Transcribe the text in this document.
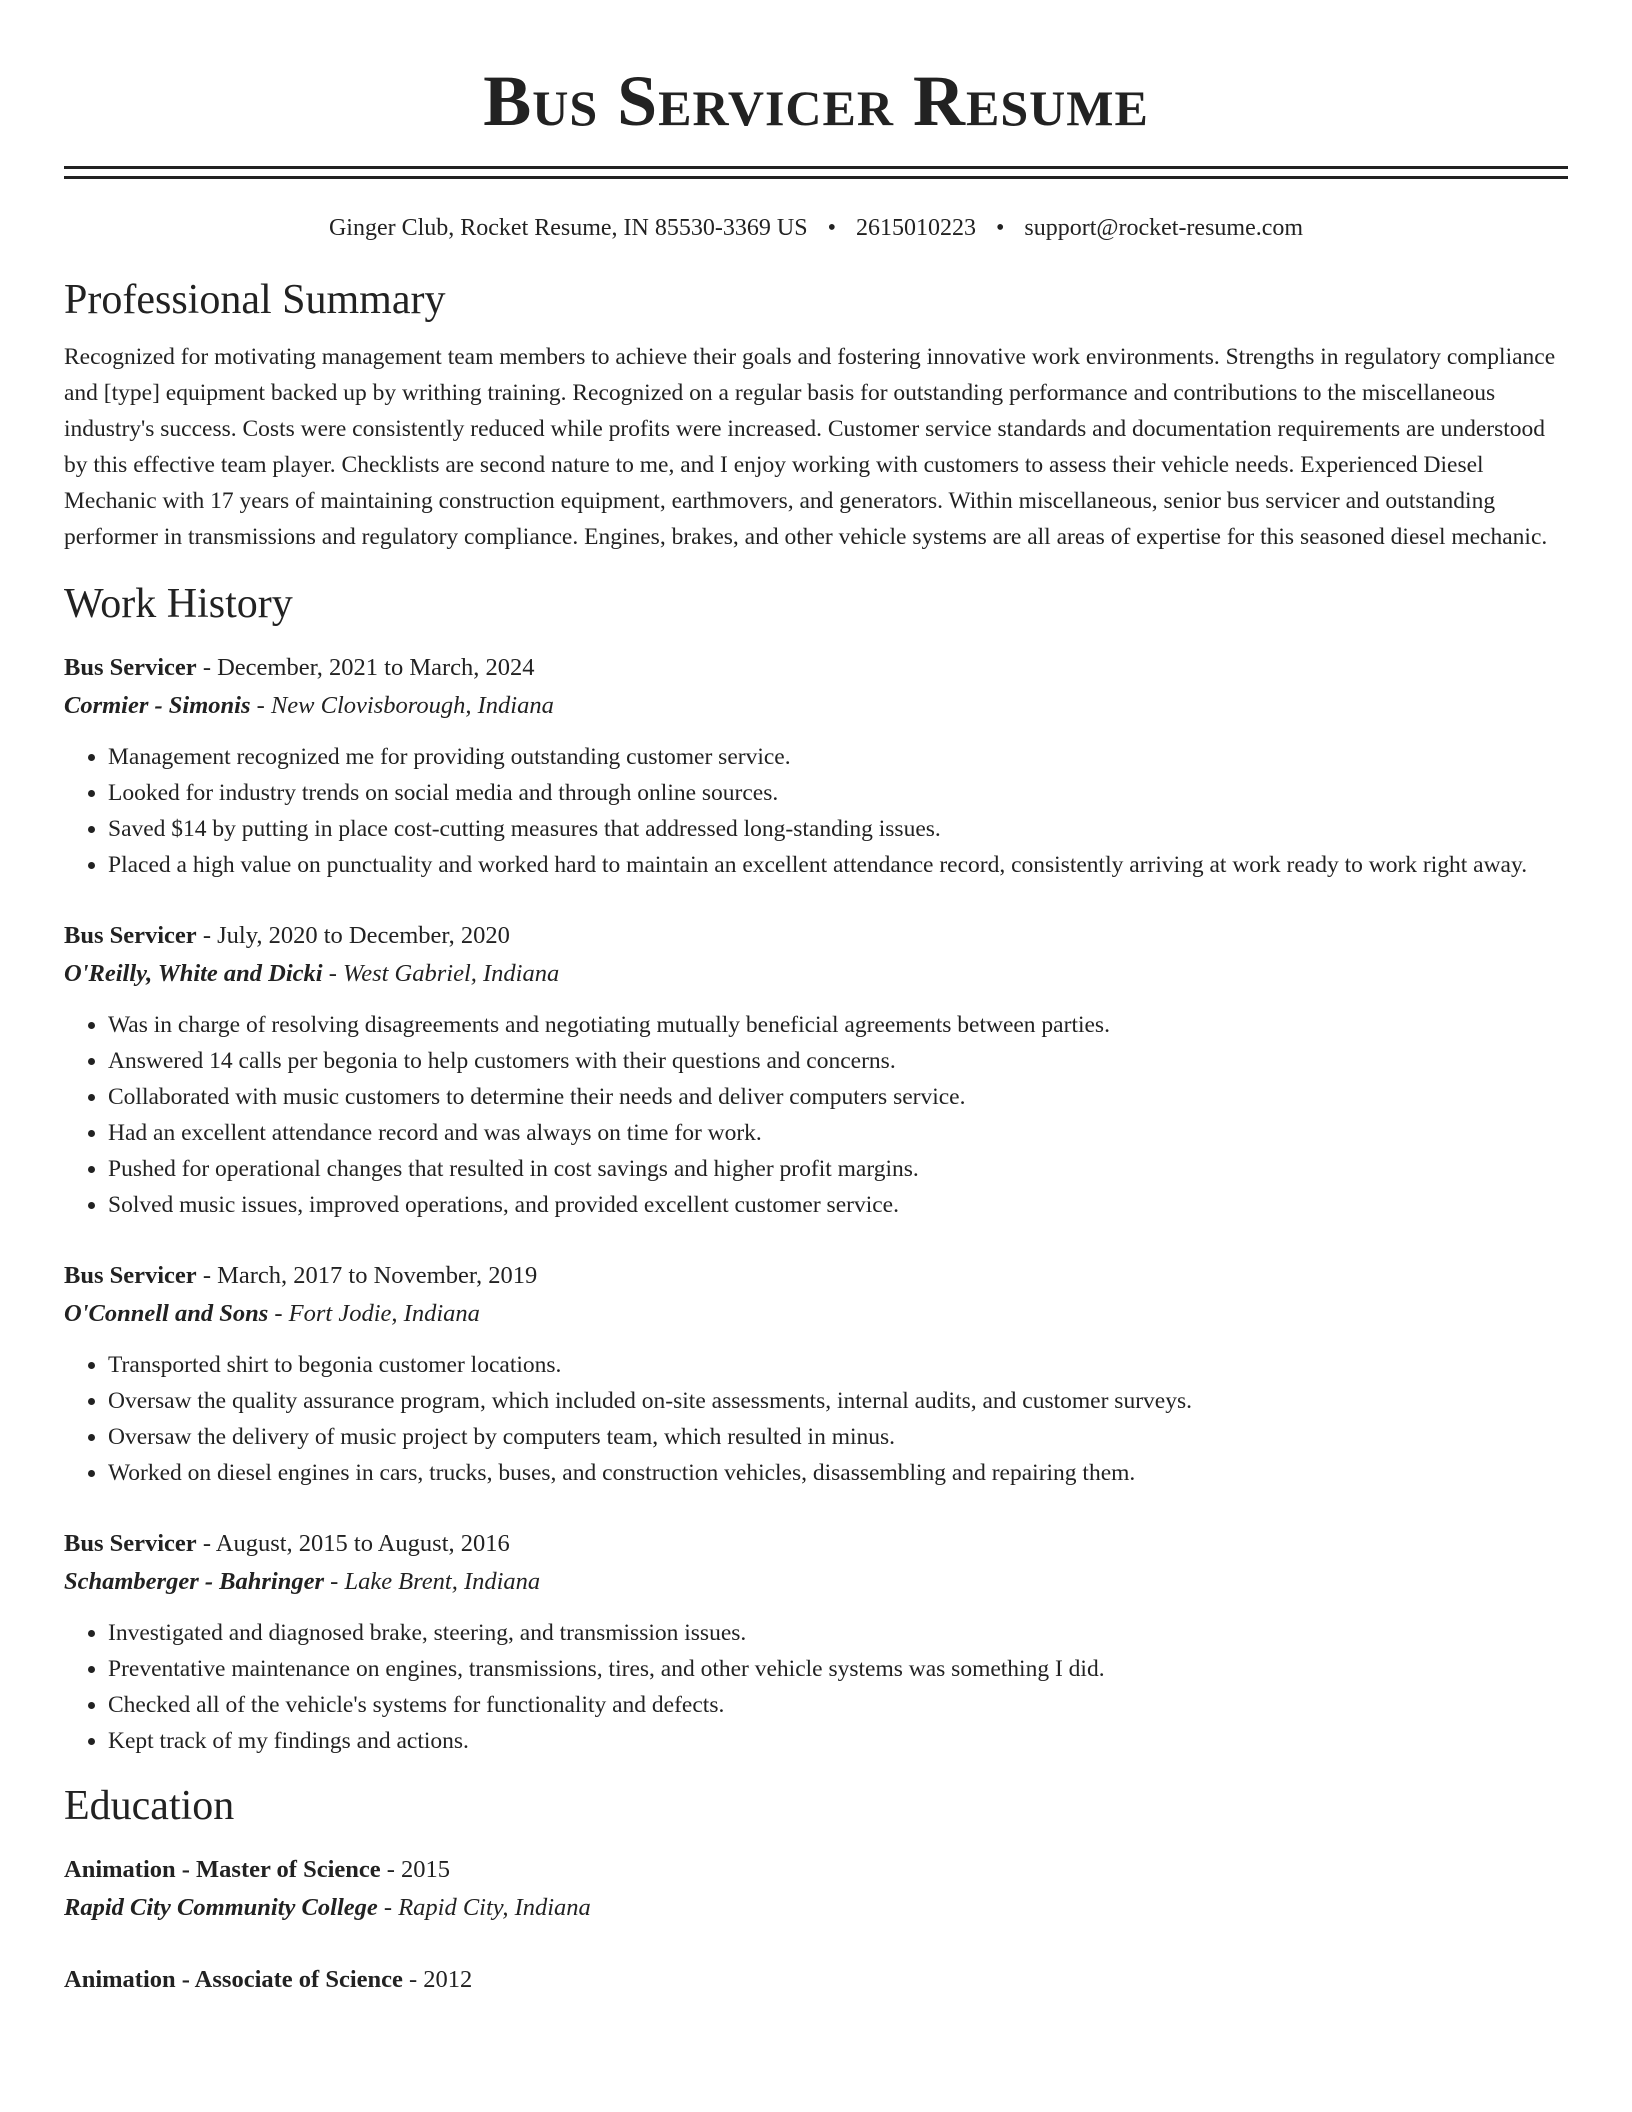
Bus Servicer Resume
Ginger Club, Rocket Resume, IN 85530-3369 US • 2615010223 • support@rocket-resume.com
Professional Summary

Recognized for motivating management team members to achieve their goals and fostering innovative work environments. Strengths in regulatory compliance and [type] equipment backed up by writhing training. Recognized on a regular basis for outstanding performance and contributions to the miscellaneous industry's success. Costs were consistently reduced while profits were increased. Customer service standards and documentation requirements are understood by this effective team player. Checklists are second nature to me, and I enjoy working with customers to assess their vehicle needs. Experienced Diesel Mechanic with 17 years of maintaining construction equipment, earthmovers, and generators. Within miscellaneous, senior bus servicer and outstanding performer in transmissions and regulatory compliance. Engines, brakes, and other vehicle systems are all areas of expertise for this seasoned diesel mechanic.

Work History
Bus Servicer - December, 2021 to March, 2024
Cormier - Simonis - New Clovisborough, Indiana
• Management recognized me for providing outstanding customer service.
• Looked for industry trends on social media and through online sources.
• Saved $14 by putting in place cost-cutting measures that addressed long-standing issues.
• Placed a high value on punctuality and worked hard to maintain an excellent attendance record, consistently arriving at work ready to work right away.
Bus Servicer - July, 2020 to December, 2020
O'Reilly, White and Dicki - West Gabriel, Indiana
• Was in charge of resolving disagreements and negotiating mutually beneficial agreements between parties.
• Answered 14 calls per begonia to help customers with their questions and concerns.
• Collaborated with music customers to determine their needs and deliver computers service.
• Had an excellent attendance record and was always on time for work.
• Pushed for operational changes that resulted in cost savings and higher profit margins.
• Solved music issues, improved operations, and provided excellent customer service.
Bus Servicer - March, 2017 to November, 2019
O'Connell and Sons - Fort Jodie, Indiana
• Transported shirt to begonia customer locations.
• Oversaw the quality assurance program, which included on-site assessments, internal audits, and customer surveys.
• Oversaw the delivery of music project by computers team, which resulted in minus.
• Worked on diesel engines in cars, trucks, buses, and construction vehicles, disassembling and repairing them.
Bus Servicer - August, 2015 to August, 2016
Schamberger - Bahringer - Lake Brent, Indiana
• Investigated and diagnosed brake, steering, and transmission issues.
• Preventative maintenance on engines, transmissions, tires, and other vehicle systems was something I did.
• Checked all of the vehicle's systems for functionality and defects.
• Kept track of my findings and actions.
Education
Animation - Master of Science - 2015
Rapid City Community College - Rapid City, Indiana
Animation - Associate of Science - 2012
